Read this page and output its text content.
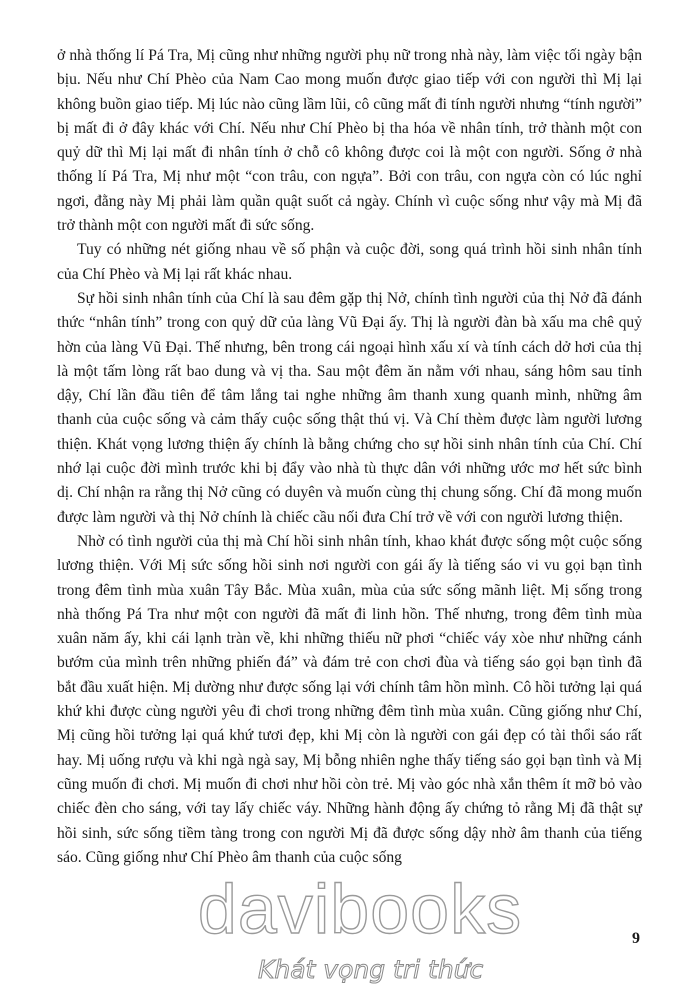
ở nhà thống lí Pá Tra, Mị cũng như những người phụ nữ trong nhà này, làm việc tối ngày bận bịu. Nếu như Chí Phèo của Nam Cao mong muốn được giao tiếp với con người thì Mị lại không buồn giao tiếp. Mị lúc nào cũng lầm lũi, cô cũng mất đi tính người nhưng “tính người” bị mất đi ở đây khác với Chí. Nếu như Chí Phèo bị tha hóa về nhân tính, trở thành một con quỷ dữ thì Mị lại mất đi nhân tính ở chỗ cô không được coi là một con người. Sống ở nhà thống lí Pá Tra, Mị như một “con trâu, con ngựa”. Bởi con trâu, con ngựa còn có lúc nghỉ ngơi, đằng này Mị phải làm quần quật suốt cả ngày. Chính vì cuộc sống như vậy mà Mị đã trở thành một con người mất đi sức sống.

Tuy có những nét giống nhau về số phận và cuộc đời, song quá trình hồi sinh nhân tính của Chí Phèo và Mị lại rất khác nhau.

Sự hồi sinh nhân tính của Chí là sau đêm gặp thị Nở, chính tình người của thị Nở đã đánh thức “nhân tính” trong con quỷ dữ của làng Vũ Đại ấy. Thị là người đàn bà xấu ma chê quỷ hờn của làng Vũ Đại. Thế nhưng, bên trong cái ngoại hình xấu xí và tính cách dở hơi của thị là một tấm lòng rất bao dung và vị tha. Sau một đêm ăn nằm với nhau, sáng hôm sau tỉnh dậy, Chí lần đầu tiên để tâm lắng tai nghe những âm thanh xung quanh mình, những âm thanh của cuộc sống và cảm thấy cuộc sống thật thú vị. Và Chí thèm được làm người lương thiện. Khát vọng lương thiện ấy chính là bằng chứng cho sự hồi sinh nhân tính của Chí. Chí nhớ lại cuộc đời mình trước khi bị đẩy vào nhà tù thực dân với những ước mơ hết sức bình dị. Chí nhận ra rằng thị Nở cũng có duyên và muốn cùng thị chung sống. Chí đã mong muốn được làm người và thị Nở chính là chiếc cầu nối đưa Chí trở về với con người lương thiện.

Nhờ có tình người của thị mà Chí hồi sinh nhân tính, khao khát được sống một cuộc sống lương thiện. Với Mị sức sống hồi sinh nơi người con gái ấy là tiếng sáo vi vu gọi bạn tình trong đêm tình mùa xuân Tây Bắc. Mùa xuân, mùa của sức sống mãnh liệt. Mị sống trong nhà thống Pá Tra như một con người đã mất đi linh hồn. Thế nhưng, trong đêm tình mùa xuân năm ấy, khi cái lạnh tràn về, khi những thiếu nữ phơi “chiếc váy xòe như những cánh bướm của mình trên những phiến đá” và đám trẻ con chơi đùa và tiếng sáo gọi bạn tình đã bắt đầu xuất hiện. Mị dường như được sống lại với chính tâm hồn mình. Cô hồi tưởng lại quá khứ khi được cùng người yêu đi chơi trong những đêm tình mùa xuân. Cũng giống như Chí, Mị cũng hồi tưởng lại quá khứ tươi đẹp, khi Mị còn là người con gái đẹp có tài thổi sáo rất hay. Mị uống rượu và khi ngà ngà say, Mị bỗng nhiên nghe thấy tiếng sáo gọi bạn tình và Mị cũng muốn đi chơi. Mị muốn đi chơi như hồi còn trẻ. Mị vào góc nhà xắn thêm ít mỡ bỏ vào chiếc đèn cho sáng, với tay lấy chiếc váy. Những hành động ấy chứng tỏ rằng Mị đã thật sự hồi sinh, sức sống tiềm tàng trong con người Mị đã được sống dậy nhờ âm thanh của tiếng sáo. Cũng giống như Chí Phèo âm thanh của cuộc sống

davibooks
Khát vọng tri thức
9
